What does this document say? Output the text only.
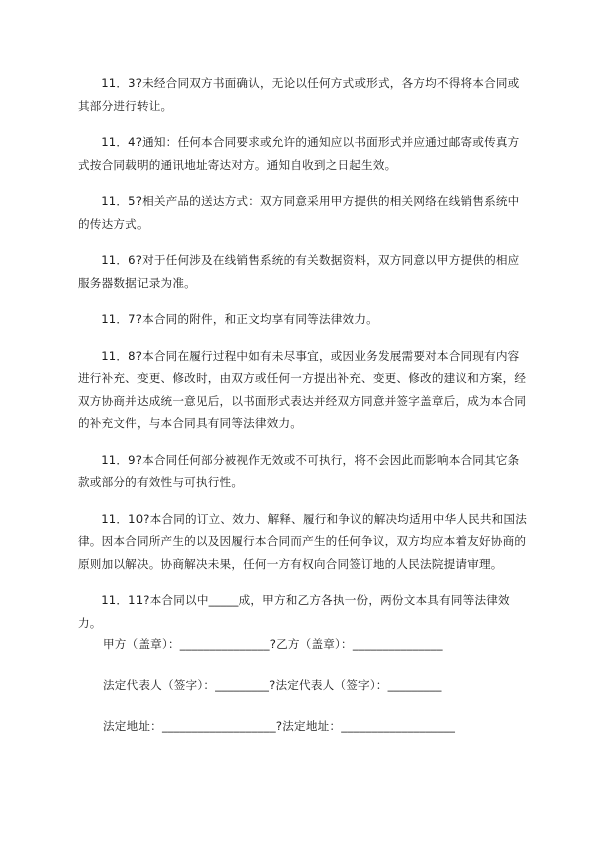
11．3?未经合同双方书面确认，无论以任何方式或形式，各方均不得将本合同或其部分进行转让。

11．4?通知：任何本合同要求或允许的通知应以书面形式并应通过邮寄或传真方式按合同载明的通讯地址寄达对方。通知自收到之日起生效。

11．5?相关产品的送达方式：双方同意采用甲方提供的相关网络在线销售系统中的传达方式。

11．6?对于任何涉及在线销售系统的有关数据资料，双方同意以甲方提供的相应服务器数据记录为准。

11．7?本合同的附件，和正文均享有同等法律效力。

11．8?本合同在履行过程中如有未尽事宜，或因业务发展需要对本合同现有内容进行补充、变更、修改时，由双方或任何一方提出补充、变更、修改的建议和方案，经双方协商并达成统一意见后，以书面形式表达并经双方同意并签字盖章后，成为本合同的补充文件，与本合同具有同等法律效力。

11．9?本合同任何部分被视作无效或不可执行，将不会因此而影响本合同其它条款或部分的有效性与可执行性。

11．10?本合同的订立、效力、解释、履行和争议的解决均适用中华人民共和国法律。因本合同所产生的以及因履行本合同而产生的任何争议，双方均应本着友好协商的原则加以解决。协商解决未果，任何一方有权向合同签订地的人民法院提请审理。

11．11?本合同以中_____成，甲方和乙方各执一份，两份文本具有同等法律效力。

甲方（盖章）：_______________?乙方（盖章）：_______________
法定代表人（签字）：_________?法定代表人（签字）：_________
法定地址：___________________?法定地址：___________________
